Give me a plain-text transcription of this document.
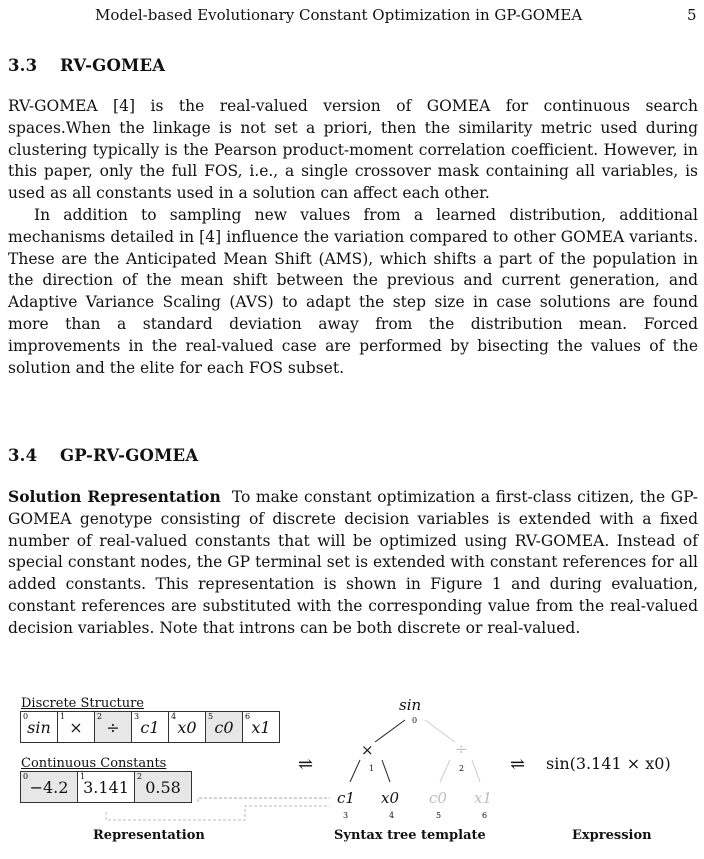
Model-based Evolutionary Constant Optimization in GP-GOMEA	5
3.3 RV-GOMEA

RV-GOMEA [4] is the real-valued version of GOMEA for continuous search spaces.When the linkage is not set a priori, then the similarity metric used during clustering typically is the Pearson product-moment correlation coefficient. However, in this paper, only the full FOS, i.e., a single crossover mask containing all variables, is used as all constants used in a solution can affect each other.

In addition to sampling new values from a learned distribution, additional mechanisms detailed in [4] influence the variation compared to other GOMEA variants. These are the Anticipated Mean Shift (AMS), which shifts a part of the population in the direction of the mean shift between the previous and current generation, and Adaptive Variance Scaling (AVS) to adapt the step size in case solutions are found more than a standard deviation away from the distribution mean. Forced improvements in the real-valued case are performed by bisecting the values of the solution and the elite for each FOS subset.

3.4 GP-RV-GOMEA

Solution Representation To make constant optimization a first-class citizen, the GP-GOMEA genotype consisting of discrete decision variables is extended with a fixed number of real-valued constants that will be optimized using RV-GOMEA. Instead of special constant nodes, the GP terminal set is extended with constant references for all added constants. This representation is shown in Figure 1 and during evaluation, constant references are substituted with the corresponding value from the real-valued decision variables. Note that introns can be both discrete or real-valued.

Discrete Structure
0
sin
1
×
2
÷
3
c1
4
x0
5
c0
6
x1
Continuous Constants
0
−4.2
1
3.141
2
0.58
⇌
sin
0
×
1
÷
2
c1
3
x0
4
c0
5
x1
6
⇌ sin(3.141 × x0)
Representation	Syntax tree template	Expression
